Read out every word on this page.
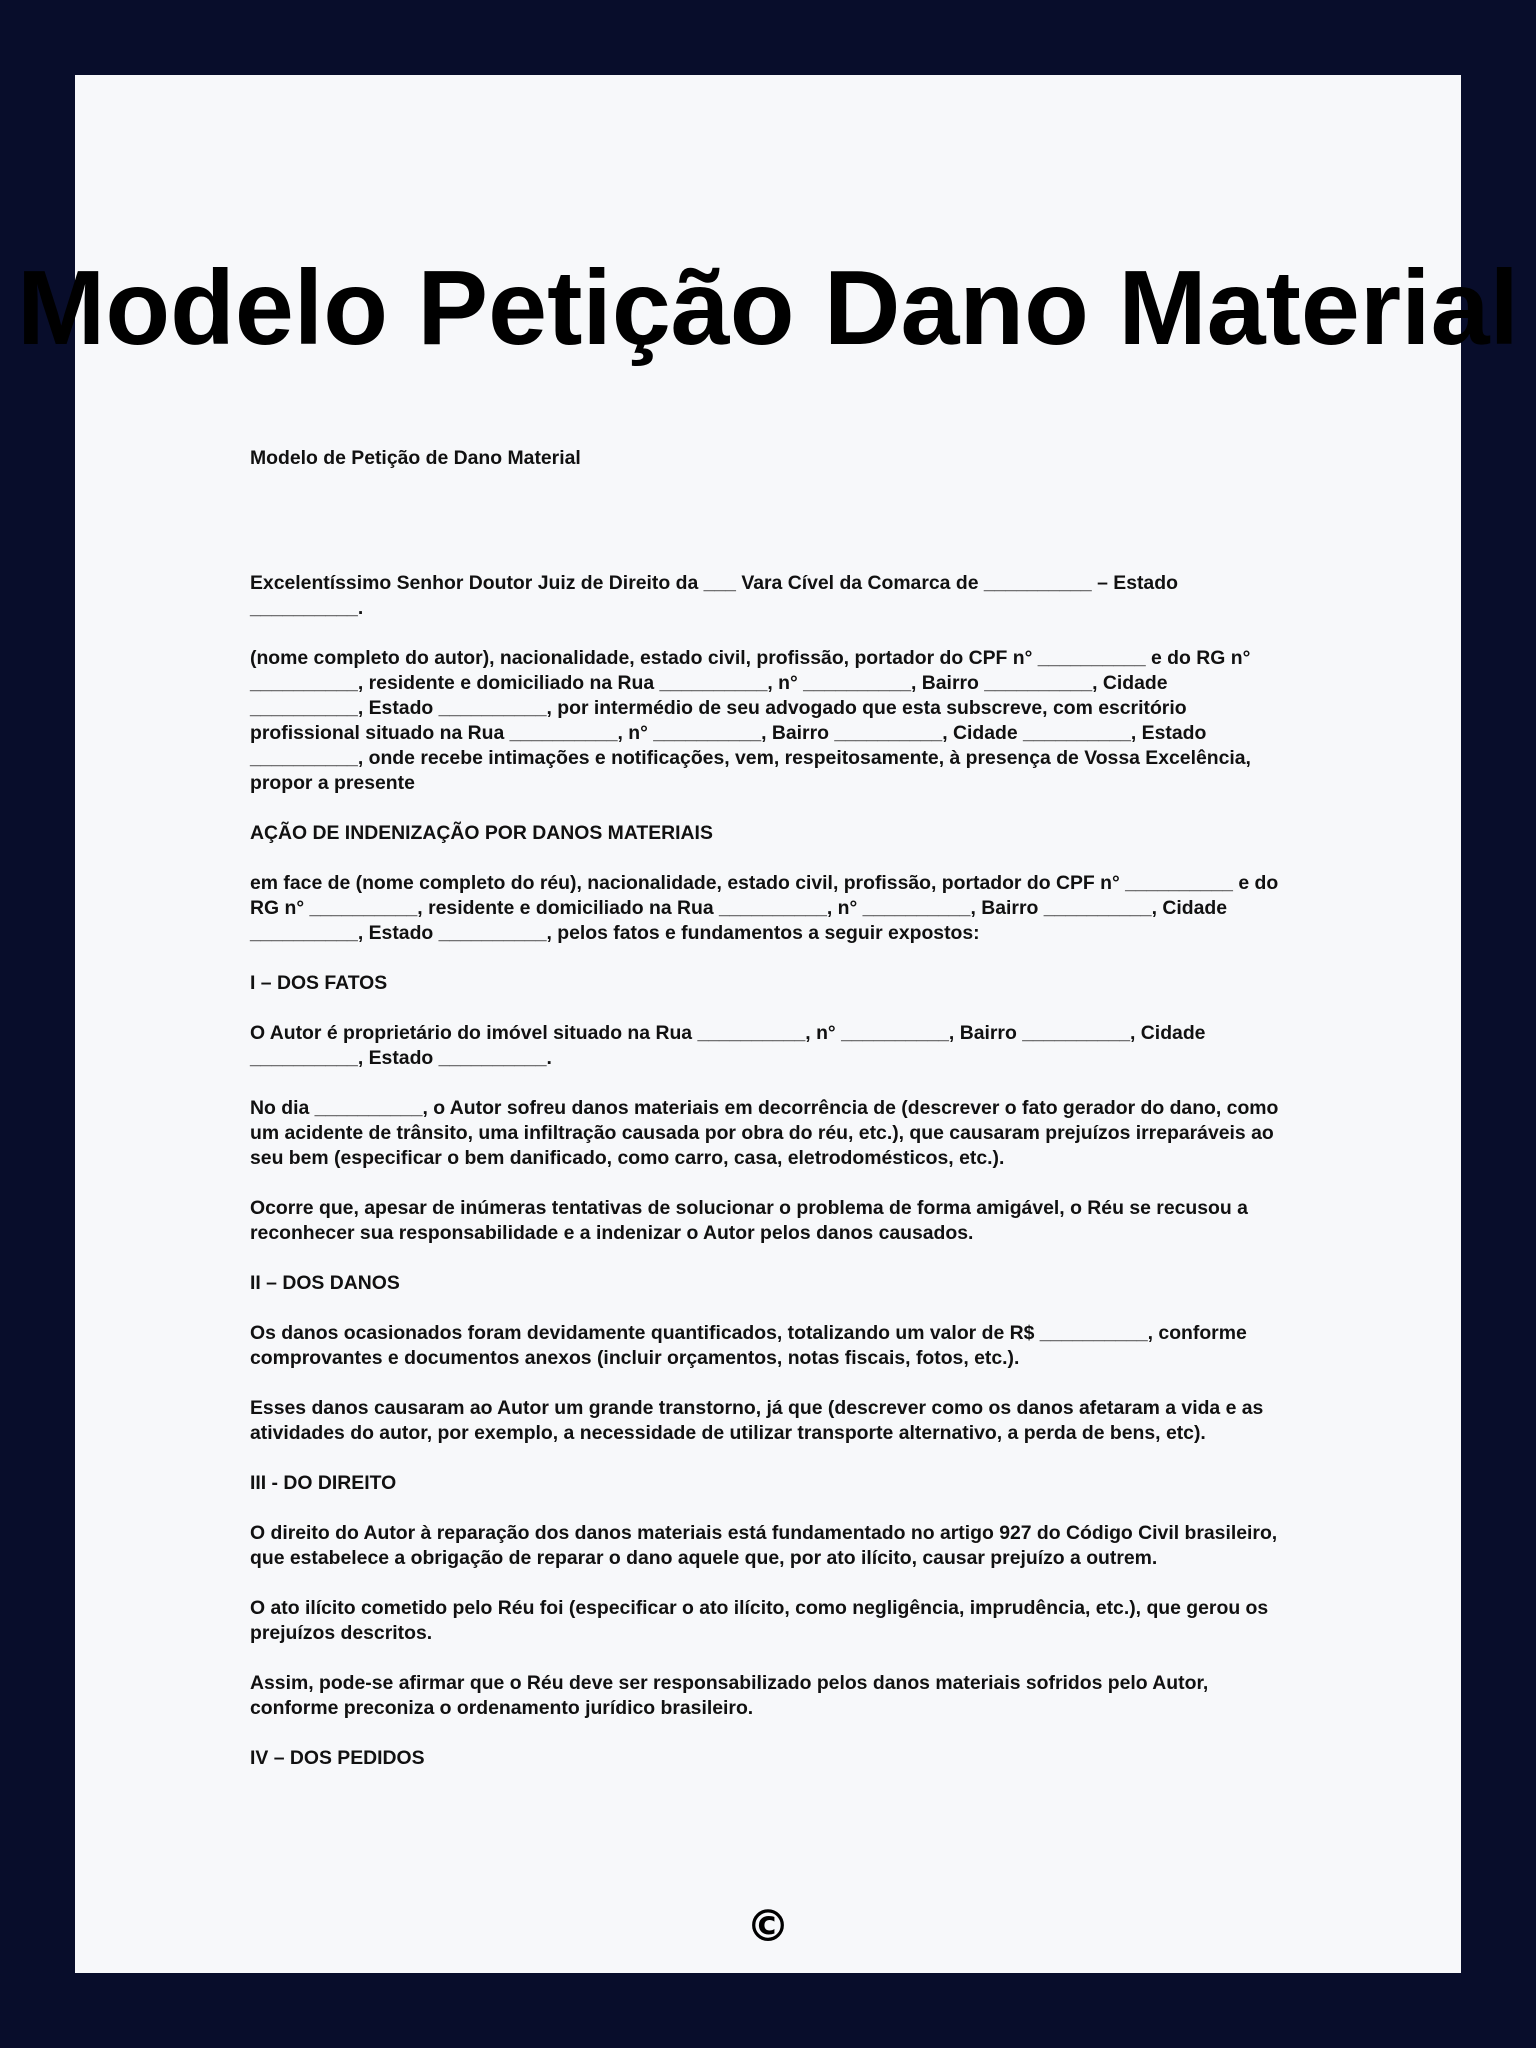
Modelo Petição Dano Material

Modelo de Petição de Dano Material

Excelentíssimo Senhor Doutor Juiz de Direito da ___ Vara Cível da Comarca de __________ – Estado __________.

(nome completo do autor), nacionalidade, estado civil, profissão, portador do CPF n° __________ e do RG n° __________, residente e domiciliado na Rua __________, n° __________, Bairro __________, Cidade __________, Estado __________, por intermédio de seu advogado que esta subscreve, com escritório profissional situado na Rua __________, n° __________, Bairro __________, Cidade __________, Estado __________, onde recebe intimações e notificações, vem, respeitosamente, à presença de Vossa Excelência, propor a presente

AÇÃO DE INDENIZAÇÃO POR DANOS MATERIAIS

em face de (nome completo do réu), nacionalidade, estado civil, profissão, portador do CPF n° __________ e do RG n° __________, residente e domiciliado na Rua __________, n° __________, Bairro __________, Cidade __________, Estado __________, pelos fatos e fundamentos a seguir expostos:

I – DOS FATOS

O Autor é proprietário do imóvel situado na Rua __________, n° __________, Bairro __________, Cidade __________, Estado __________.

No dia __________, o Autor sofreu danos materiais em decorrência de (descrever o fato gerador do dano, como um acidente de trânsito, uma infiltração causada por obra do réu, etc.), que causaram prejuízos irreparáveis ao seu bem (especificar o bem danificado, como carro, casa, eletrodomésticos, etc.).

Ocorre que, apesar de inúmeras tentativas de solucionar o problema de forma amigável, o Réu se recusou a reconhecer sua responsabilidade e a indenizar o Autor pelos danos causados.

II – DOS DANOS

Os danos ocasionados foram devidamente quantificados, totalizando um valor de R$ __________, conforme comprovantes e documentos anexos (incluir orçamentos, notas fiscais, fotos, etc.).

Esses danos causaram ao Autor um grande transtorno, já que (descrever como os danos afetaram a vida e as atividades do autor, por exemplo, a necessidade de utilizar transporte alternativo, a perda de bens, etc).

III - DO DIREITO

O direito do Autor à reparação dos danos materiais está fundamentado no artigo 927 do Código Civil brasileiro, que estabelece a obrigação de reparar o dano aquele que, por ato ilícito, causar prejuízo a outrem.

O ato ilícito cometido pelo Réu foi (especificar o ato ilícito, como negligência, imprudência, etc.), que gerou os prejuízos descritos.

Assim, pode-se afirmar que o Réu deve ser responsabilizado pelos danos materiais sofridos pelo Autor, conforme preconiza o ordenamento jurídico brasileiro.

IV – DOS PEDIDOS

©
